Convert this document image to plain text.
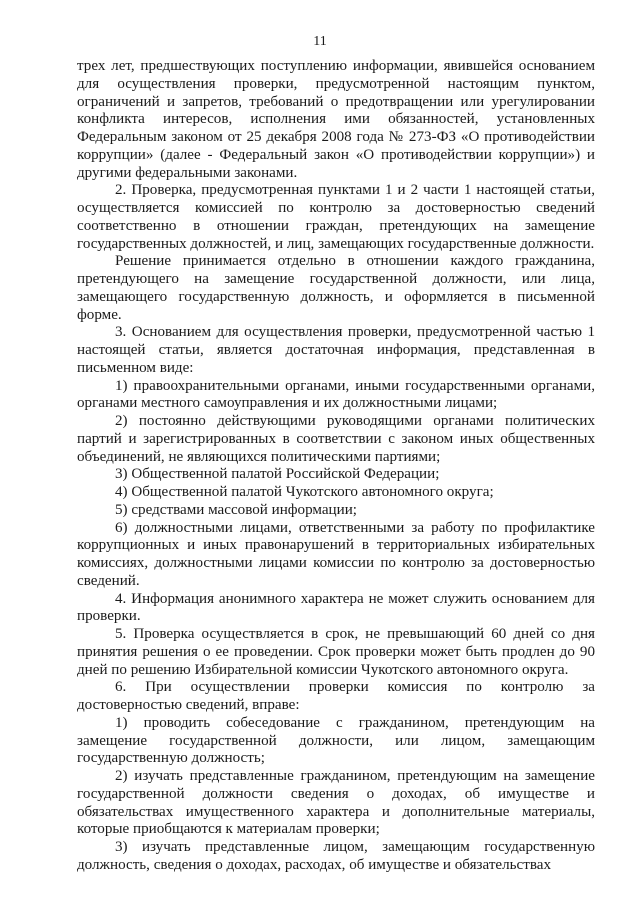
11

трех лет, предшествующих поступлению информации, явившейся основанием для осуществления проверки, предусмотренной настоящим пунктом, ограничений и запретов, требований о предотвращении или урегулировании конфликта интересов, исполнения ими обязанностей, установленных Федеральным законом от 25 декабря 2008 года № 273-ФЗ «О противодействии коррупции» (далее - Федеральный закон «О противодействии коррупции») и другими федеральными законами.

2. Проверка, предусмотренная пунктами 1 и 2 части 1 настоящей статьи, осуществляется комиссией по контролю за достоверностью сведений соответственно в отношении граждан, претендующих на замещение государственных должностей, и лиц, замещающих государственные должности.

Решение принимается отдельно в отношении каждого гражданина, претендующего на замещение государственной должности, или лица, замещающего государственную должность, и оформляется в письменной форме.

3. Основанием для осуществления проверки, предусмотренной частью 1 настоящей статьи, является достаточная информация, представленная в письменном виде:

1) правоохранительными органами, иными государственными органами, органами местного самоуправления и их должностными лицами;

2) постоянно действующими руководящими органами политических партий и зарегистрированных в соответствии с законом иных общественных объединений, не являющихся политическими партиями;

3) Общественной палатой Российской Федерации;

4) Общественной палатой Чукотского автономного округа;

5) средствами массовой информации;

6) должностными лицами, ответственными за работу по профилактике коррупционных и иных правонарушений в территориальных избирательных комиссиях, должностными лицами комиссии по контролю за достоверностью сведений.

4. Информация анонимного характера не может служить основанием для проверки.

5. Проверка осуществляется в срок, не превышающий 60 дней со дня принятия решения о ее проведении. Срок проверки может быть продлен до 90 дней по решению Избирательной комиссии Чукотского автономного округа.

6. При осуществлении проверки комиссия по контролю за достоверностью сведений, вправе:

1) проводить собеседование с гражданином, претендующим на замещение государственной должности, или лицом, замещающим государственную должность;

2) изучать представленные гражданином, претендующим на замещение государственной должности сведения о доходах, об имуществе и обязательствах имущественного характера и дополнительные материалы, которые приобщаются к материалам проверки;

3) изучать представленные лицом, замещающим государственную должность, сведения о доходах, расходах, об имуществе и обязательствах
